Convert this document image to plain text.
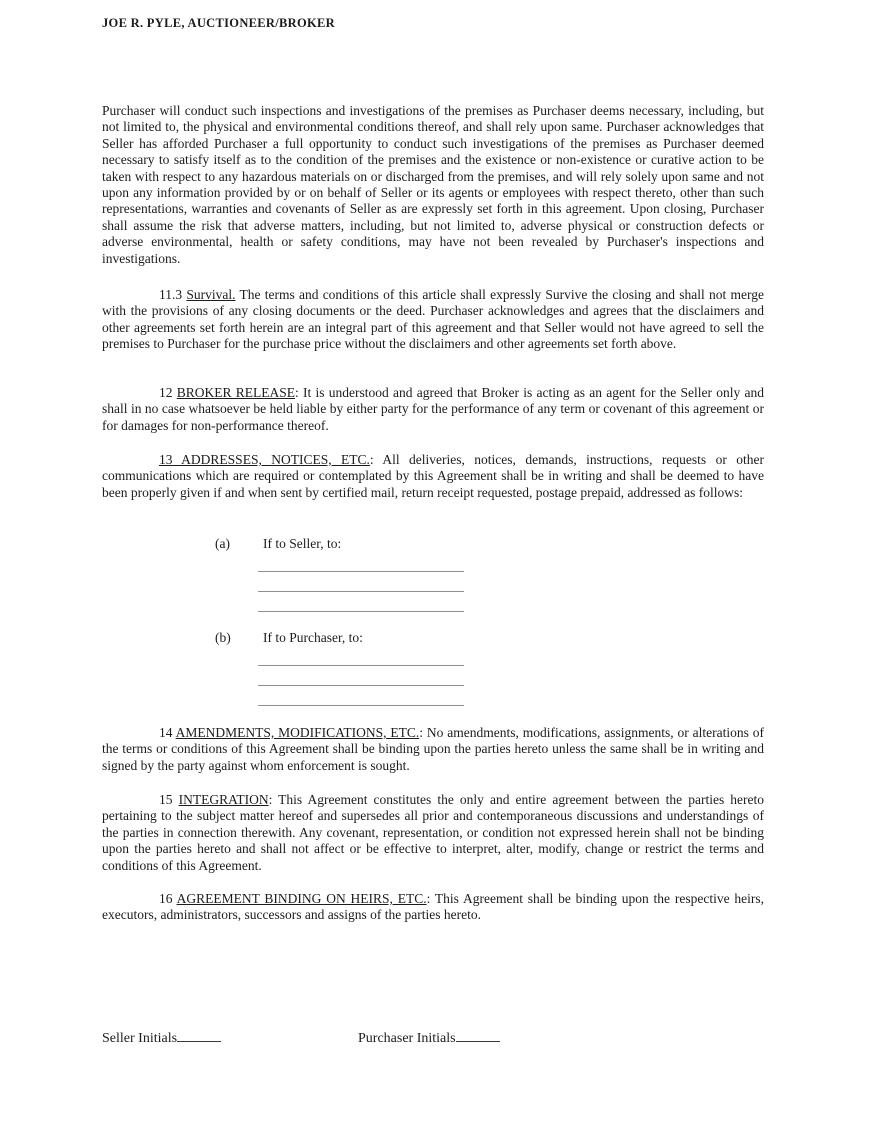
JOE R. PYLE, AUCTIONEER/BROKER

Purchaser will conduct such inspections and investigations of the premises as Purchaser deems necessary, including, but not limited to, the physical and environmental conditions thereof, and shall rely upon same. Purchaser acknowledges that Seller has afforded Purchaser a full opportunity to conduct such investigations of the premises as Purchaser deemed necessary to satisfy itself as to the condition of the premises and the existence or non-existence or curative action to be taken with respect to any hazardous materials on or discharged from the premises, and will rely solely upon same and not upon any information provided by or on behalf of Seller or its agents or employees with respect thereto, other than such representations, warranties and covenants of Seller as are expressly set forth in this agreement. Upon closing, Purchaser shall assume the risk that adverse matters, including, but not limited to, adverse physical or construction defects or adverse environmental, health or safety conditions, may have not been revealed by Purchaser's inspections and investigations.

11.3 Survival. The terms and conditions of this article shall expressly Survive the closing and shall not merge with the provisions of any closing documents or the deed. Purchaser acknowledges and agrees that the disclaimers and other agreements set forth herein are an integral part of this agreement and that Seller would not have agreed to sell the premises to Purchaser for the purchase price without the disclaimers and other agreements set forth above.

12 BROKER RELEASE: It is understood and agreed that Broker is acting as an agent for the Seller only and shall in no case whatsoever be held liable by either party for the performance of any term or covenant of this agreement or for damages for non-performance thereof.

13 ADDRESSES, NOTICES, ETC.: All deliveries, notices, demands, instructions, requests or other communications which are required or contemplated by this Agreement shall be in writing and shall be deemed to have been properly given if and when sent by certified mail, return receipt requested, postage prepaid, addressed as follows:

(a) If to Seller, to:
(b) If to Purchaser, to:

14 AMENDMENTS, MODIFICATIONS, ETC.: No amendments, modifications, assignments, or alterations of the terms or conditions of this Agreement shall be binding upon the parties hereto unless the same shall be in writing and signed by the party against whom enforcement is sought.

15 INTEGRATION: This Agreement constitutes the only and entire agreement between the parties hereto pertaining to the subject matter hereof and supersedes all prior and contemporaneous discussions and understandings of the parties in connection therewith. Any covenant, representation, or condition not expressed herein shall not be binding upon the parties hereto and shall not affect or be effective to interpret, alter, modify, change or restrict the terms and conditions of this Agreement.

16 AGREEMENT BINDING ON HEIRS, ETC.: This Agreement shall be binding upon the respective heirs, executors, administrators, successors and assigns of the parties hereto.

Seller Initials	Purchaser Initials
